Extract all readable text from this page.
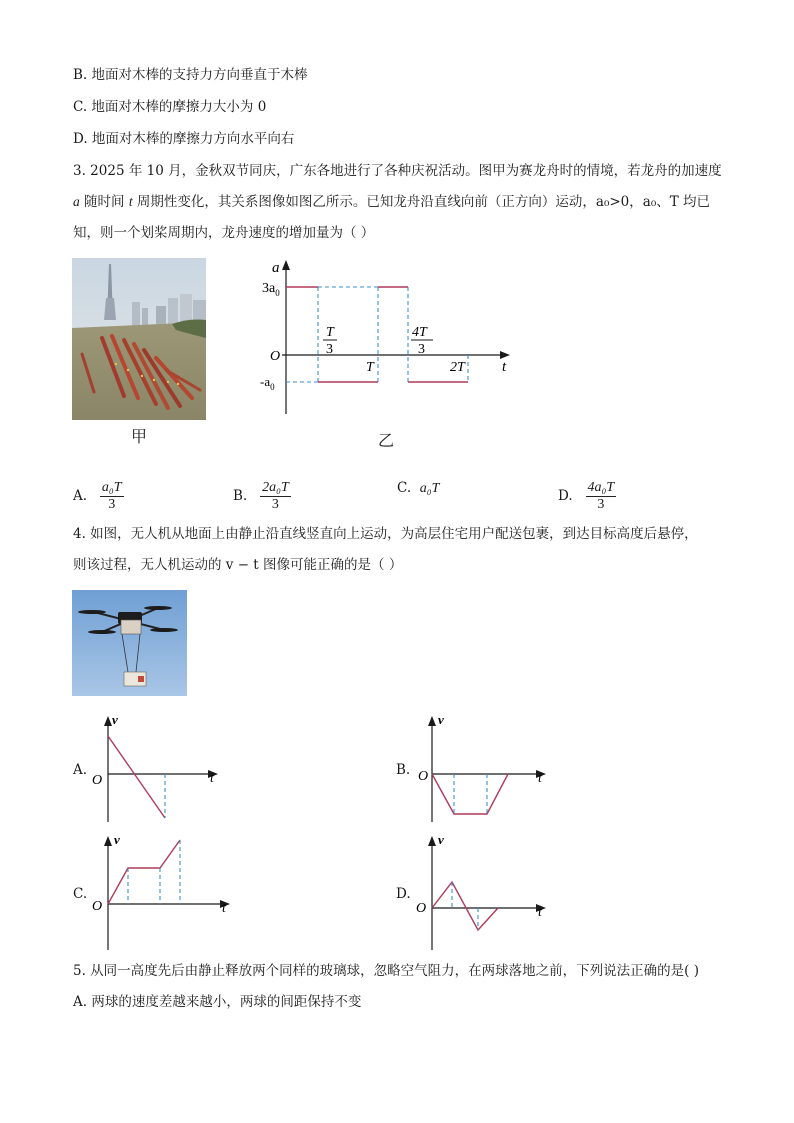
B. 地面对木棒的支持力方向垂直于木棒
C. 地面对木棒的摩擦力大小为 0
D. 地面对木棒的摩擦力方向水平向右
3. 2025 年 10 月，金秋双节同庆，广东各地进行了各种庆祝活动。图甲为赛龙舟时的情境，若龙舟的加速度
a 随时间 t 周期性变化，其关系图像如图乙所示。已知龙舟沿直线向前（正方向）运动，a₀>0，a₀、T 均已
知，则一个划桨周期内，龙舟速度的增加量为（ ）
甲
a
t
O
$3a_0$
$-a_0$
T
3
4T
3
T	2T
乙
A. $\frac{\text{a₀T}}{3}$	B. $\frac{\text{2a₀T}}{3}$	C. a₀T	D. $\frac{\text{4a₀T}}{3}$
4. 如图，无人机从地面上由静止沿直线竖直向上运动，为高层住宅用户配送包裹，到达目标高度后悬停，
则该过程，无人机运动的 v − t 图像可能正确的是（ ）
A.
v
t
O
B.
v
t
O
C.
v
t
O
D.
v
t
O
5. 从同一高度先后由静止释放两个同样的玻璃球，忽略空气阻力，在两球落地之前，下列说法正确的是( )
A. 两球的速度差越来越小，两球的间距保持不变
